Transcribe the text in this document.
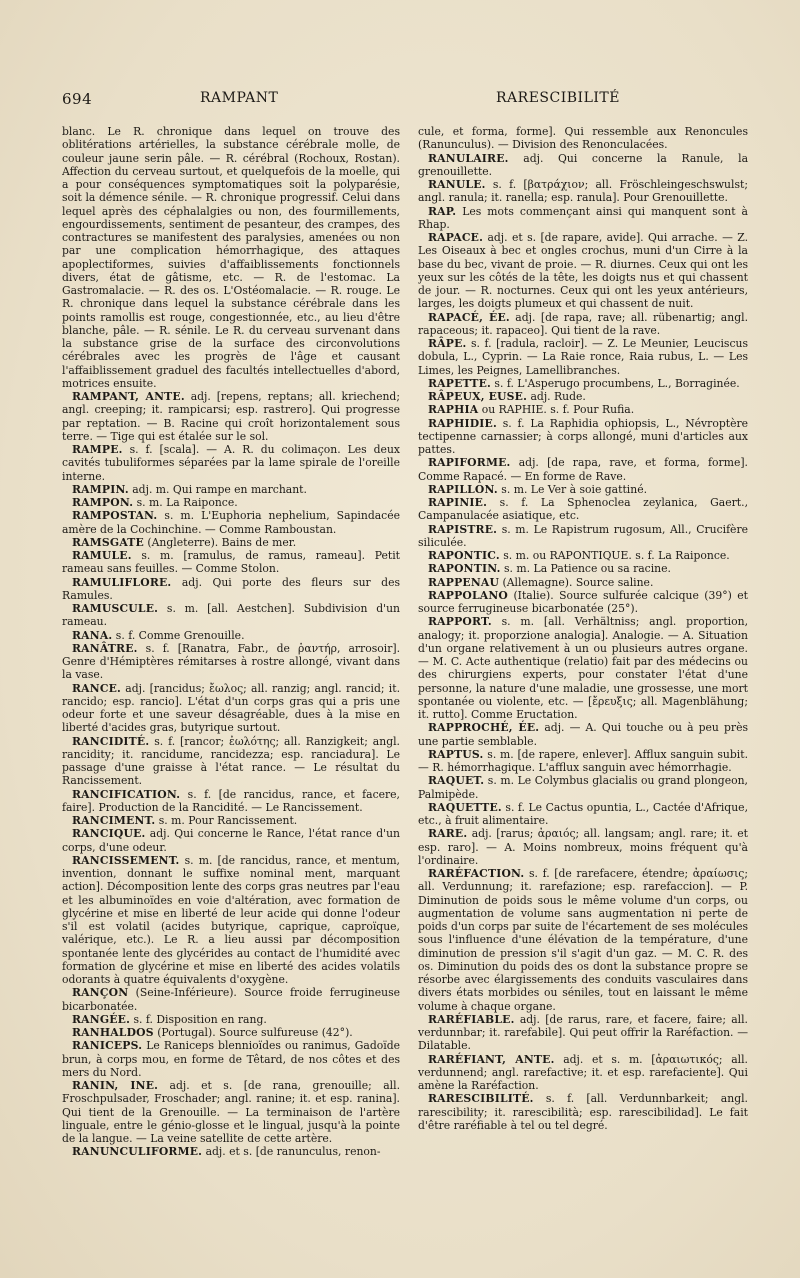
694	RAMPANT	RARESCIBILITÉ

blanc. Le R. chronique dans lequel on trouve des oblitérations artérielles, la substance cérébrale molle, de couleur jaune serin pâle. — R. cérébral (Rochoux, Rostan). Affection du cerveau surtout, et quelquefois de la moelle, qui a pour conséquences symptomatiques soit la polyparésie, soit la démence sénile. — R. chronique progressif. Celui dans lequel après des céphalalgies ou non, des fourmillements, engourdissements, sentiment de pesanteur, des crampes, des contractures se manifestent des paralysies, amenées ou non par une complication hémorrhagique, des attaques apoplectiformes, suivies d'affaiblissements fonctionnels divers, état de gâtisme, etc. — R. de l'estomac. La Gastromalacie. — R. des os. L'Ostéomalacie. — R. rouge. Le R. chronique dans lequel la substance cérébrale dans les points ramollis est rouge, congestionnée, etc., au lieu d'être blanche, pâle. — R. sénile. Le R. du cerveau survenant dans la substance grise de la surface des circonvolutions cérébrales avec les progrès de l'âge et causant l'affaiblissement graduel des facultés intellectuelles d'abord, motrices ensuite.

RAMPANT, ANTE. adj. [repens, reptans; all. kriechend; angl. creeping; it. rampicarsi; esp. rastrero]. Qui progresse par reptation. — B. Racine qui croît horizontalement sous terre. — Tige qui est étalée sur le sol.

RAMPE. s. f. [scala]. — A. R. du colimaçon. Les deux cavités tubuliformes séparées par la lame spirale de l'oreille interne.

RAMPIN. adj. m. Qui rampe en marchant.

RAMPON. s. m. La Raiponce.

RAMPOSTAN. s. m. L'Euphoria nephelium, Sapindacée amère de la Cochinchine. — Comme Ramboustan.

RAMSGATE (Angleterre). Bains de mer.

RAMULE. s. m. [ramulus, de ramus, rameau]. Petit rameau sans feuilles. — Comme Stolon.

RAMULIFLORE. adj. Qui porte des fleurs sur des Ramules.

RAMUSCULE. s. m. [all. Aestchen]. Subdivision d'un rameau.

RANA. s. f. Comme Grenouille.

RANÂTRE. s. f. [Ranatra, Fabr., de ῥαντήρ, arrosoir]. Genre d'Hémiptères rémitarses à rostre allongé, vivant dans la vase.

RANCE. adj. [rancidus; ἔωλος; all. ranzig; angl. rancid; it. rancido; esp. rancio]. L'état d'un corps gras qui a pris une odeur forte et une saveur désagréable, dues à la mise en liberté d'acides gras, butyrique surtout.

RANCIDITÉ. s. f. [rancor; ἐωλότης; all. Ranzigkeit; angl. rancidity; it. rancidume, rancidezza; esp. ranciadura]. Le passage d'une graisse à l'état rance. — Le résultat du Rancissement.

RANCIFICATION. s. f. [de rancidus, rance, et facere, faire]. Production de la Rancidité. — Le Rancissement.

RANCIMENT. s. m. Pour Rancissement.

RANCIQUE. adj. Qui concerne le Rance, l'état rance d'un corps, d'une odeur.

RANCISSEMENT. s. m. [de rancidus, rance, et mentum, invention, donnant le suffixe nominal ment, marquant action]. Décomposition lente des corps gras neutres par l'eau et les albuminoïdes en voie d'altération, avec formation de glycérine et mise en liberté de leur acide qui donne l'odeur s'il est volatil (acides butyrique, caprique, caproïque, valérique, etc.). Le R. a lieu aussi par décomposition spontanée lente des glycérides au contact de l'humidité avec formation de glycérine et mise en liberté des acides volatils odorants à quatre équivalents d'oxygène.

RANÇON (Seine-Inférieure). Source froide ferrugineuse bicarbonatée.

RANGÉE. s. f. Disposition en rang.

RANHALDOS (Portugal). Source sulfureuse (42°).

RANICEPS. Le Raniceps blennioïdes ou ranimus, Gadoïde brun, à corps mou, en forme de Têtard, de nos côtes et des mers du Nord.

RANIN, INE. adj. et s. [de rana, grenouille; all. Froschpulsader, Froschader; angl. ranine; it. et esp. ranina]. Qui tient de la Grenouille. — La terminaison de l'artère linguale, entre le génio-glosse et le lingual, jusqu'à la pointe de la langue. — La veine satellite de cette artère.

RANUNCULIFORME. adj. et s. [de ranunculus, renon-

cule, et forma, forme]. Qui ressemble aux Renoncules (Ranunculus). — Division des Renonculacées.

RANULAIRE. adj. Qui concerne la Ranule, la grenouillette.

RANULE. s. f. [βατράχιον; all. Fröschleingeschswulst; angl. ranula; it. ranella; esp. ranula]. Pour Grenouillette.

RAP. Les mots commençant ainsi qui manquent sont à Rhap.

RAPACE. adj. et s. [de rapare, avide]. Qui arrache. — Z. Les Oiseaux à bec et ongles crochus, muni d'un Cirre à la base du bec, vivant de proie. — R. diurnes. Ceux qui ont les yeux sur les côtés de la tête, les doigts nus et qui chassent de jour. — R. nocturnes. Ceux qui ont les yeux antérieurs, larges, les doigts plumeux et qui chassent de nuit.

RAPACÉ, ÉE. adj. [de rapa, rave; all. rübenartig; angl. rapaceous; it. rapaceo]. Qui tient de la rave.

RÂPE. s. f. [radula, racloir]. — Z. Le Meunier, Leuciscus dobula, L., Cyprin. — La Raie ronce, Raia rubus, L. — Les Limes, les Peignes, Lamellibranches.

RAPETTE. s. f. L'Asperugo procumbens, L., Borraginée.

RÂPEUX, EUSE. adj. Rude.

RAPHIA ou RAPHIE. s. f. Pour Rufia.

RAPHIDIE. s. f. La Raphidia ophiopsis, L., Névroptère tectipenne carnassier; à corps allongé, muni d'articles aux pattes.

RAPIFORME. adj. [de rapa, rave, et forma, forme]. Comme Rapacé. — En forme de Rave.

RAPILLON. s. m. Le Ver à soie gattiné.

RAPINIE. s. f. La Sphenoclea zeylanica, Gaert., Campanulacée asiatique, etc.

RAPISTRE. s. m. Le Rapistrum rugosum, All., Crucifère siliculée.

RAPONTIC. s. m. ou RAPONTIQUE. s. f. La Raiponce.

RAPONTIN. s. m. La Patience ou sa racine.

RAPPENAU (Allemagne). Source saline.

RAPPOLANO (Italie). Source sulfurée calcique (39°) et source ferrugineuse bicarbonatée (25°).

RAPPORT. s. m. [all. Verhältniss; angl. proportion, analogy; it. proporzione analogia]. Analogie. — A. Situation d'un organe relativement à un ou plusieurs autres organe. — M. C. Acte authentique (relatio) fait par des médecins ou des chirurgiens experts, pour constater l'état d'une personne, la nature d'une maladie, une grossesse, une mort spontanée ou violente, etc. — [ἔρευξις; all. Magenblähung; it. rutto]. Comme Eructation.

RAPPROCHÉ, ÉE. adj. — A. Qui touche ou à peu près une partie semblable.

RAPTUS. s. m. [de rapere, enlever]. Afflux sanguin subit. — R. hémorrhagique. L'afflux sanguin avec hémorrhagie.

RAQUET. s. m. Le Colymbus glacialis ou grand plongeon, Palmipède.

RAQUETTE. s. f. Le Cactus opuntia, L., Cactée d'Afrique, etc., à fruit alimentaire.

RARE. adj. [rarus; ἀραιός; all. langsam; angl. rare; it. et esp. raro]. — A. Moins nombreux, moins fréquent qu'à l'ordinaire.

RARÉFACTION. s. f. [de rarefacere, étendre; ἀραίωσις; all. Verdunnung; it. rarefazione; esp. rarefaccion]. — P. Diminution de poids sous le même volume d'un corps, ou augmentation de volume sans augmentation ni perte de poids d'un corps par suite de l'écartement de ses molécules sous l'influence d'une élévation de la température, d'une diminution de pression s'il s'agit d'un gaz. — M. C. R. des os. Diminution du poids des os dont la substance propre se résorbe avec élargissements des conduits vasculaires dans divers états morbides ou séniles, tout en laissant le même volume à chaque organe.

RARÉFIABLE. adj. [de rarus, rare, et facere, faire; all. verdunnbar; it. rarefabile]. Qui peut offrir la Raréfaction. — Dilatable.

RARÉFIANT, ANTE. adj. et s. m. [ἀραιωτικός; all. verdunnend; angl. rarefactive; it. et esp. rarefaciente]. Qui amène la Raréfaction.

RARESCIBILITÉ. s. f. [all. Verdunnbarkeit; angl. rarescibility; it. rarescibilità; esp. rarescibilidad]. Le fait d'être raréfiable à tel ou tel degré.
